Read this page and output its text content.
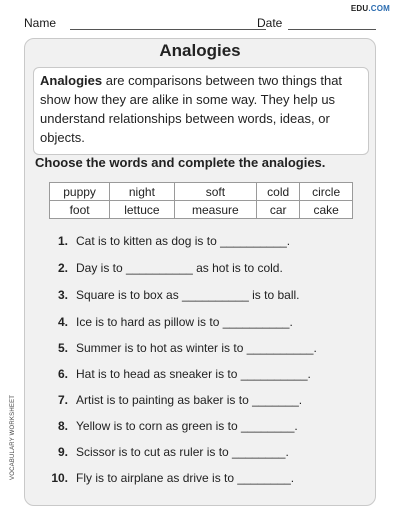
EDU.COM
Name	Date
Analogies
Analogies are comparisons between two things that show how they are alike in some way. They help us understand relationships between words, ideas, or objects.
Choose the words and complete the analogies.
puppy	night	soft	cold	circle
foot	lettuce	measure	car	cake
1. Cat is to kitten as dog is to __________.
2. Day is to __________ as hot is to cold.
3. Square is to box as __________ is to ball.
4. Ice is to hard as pillow is to __________.
5. Summer is to hot as winter is to __________.
6. Hat is to head as sneaker is to __________.
7. Artist is to painting as baker is to _______.
8. Yellow is to corn as green is to ________.
9. Scissor is to cut as ruler is to ________.
10. Fly is to airplane as drive is to ________.
VOCABULARY WORKSHEET
